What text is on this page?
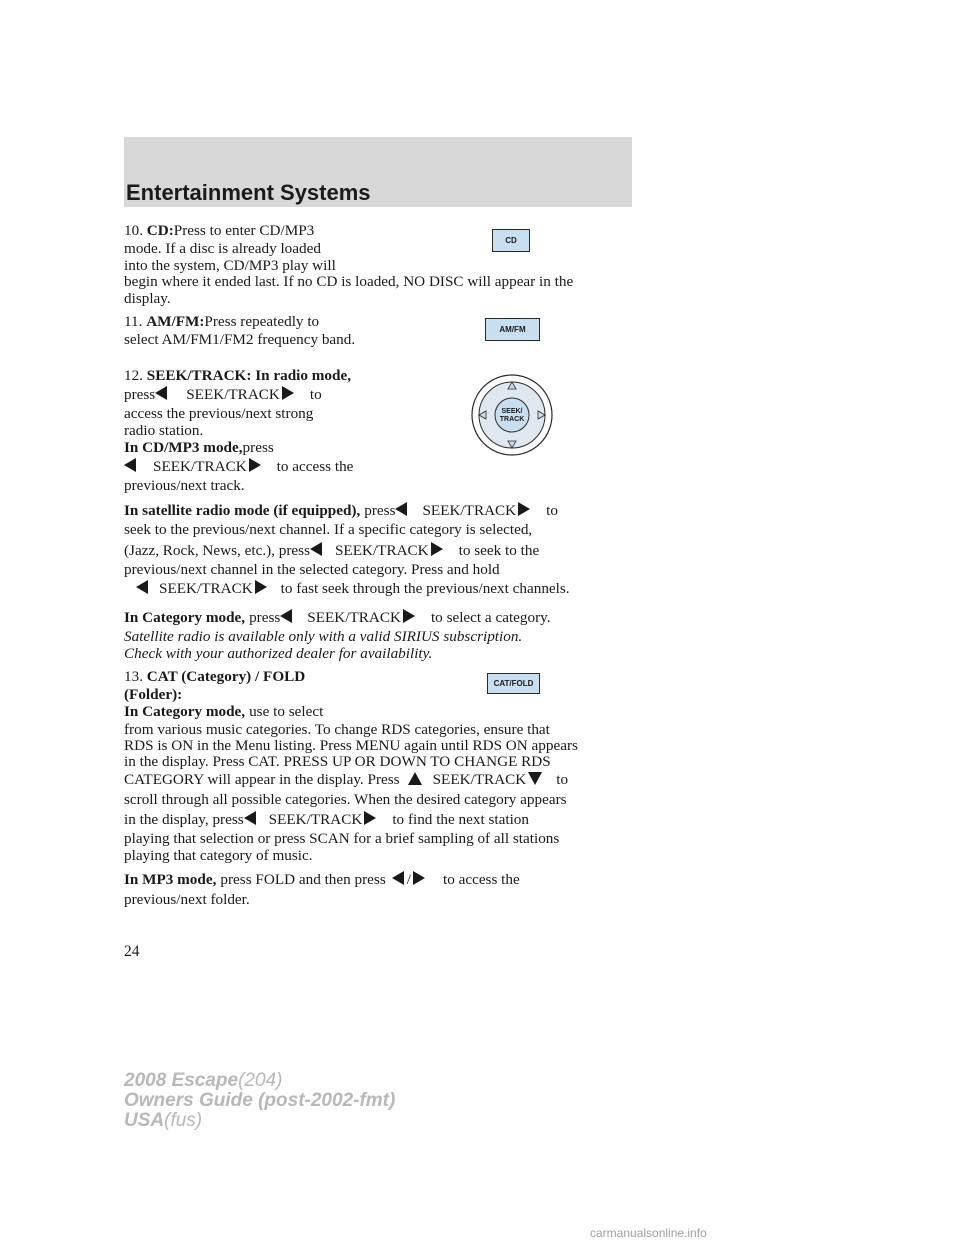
Entertainment Systems
10. CD:Press to enter CD/MP3
mode. If a disc is already loaded
into the system, CD/MP3 play will
begin where it ended last. If no CD is loaded, NO DISC will appear in the
display.
CD
11. AM/FM:Press repeatedly to
select AM/FM1/FM2 frequency band.
AM/FM
12. SEEK/TRACK: In radio mode,
press SEEK/TRACK to
access the previous/next strong
radio station.
In CD/MP3 mode,press
SEEK/TRACK to access the
previous/next track.
SEEK/
TRACK
In satellite radio mode (if equipped), press SEEK/TRACK to
seek to the previous/next channel. If a specific category is selected,
(Jazz, Rock, News, etc.), press SEEK/TRACK to seek to the
previous/next channel in the selected category. Press and hold
SEEK/TRACK to fast seek through the previous/next channels.
In Category mode, press SEEK/TRACK to select a category.
Satellite radio is available only with a valid SIRIUS subscription.
Check with your authorized dealer for availability.
13. CAT (Category) / FOLD
(Folder):
In Category mode, use to select
from various music categories. To change RDS categories, ensure that
RDS is ON in the Menu listing. Press MENU again until RDS ON appears
in the display. Press CAT. PRESS UP OR DOWN TO CHANGE RDS
CATEGORY will appear in the display. Press SEEK/TRACK to
scroll through all possible categories. When the desired category appears
in the display, press SEEK/TRACK to find the next station
playing that selection or press SCAN for a brief sampling of all stations
playing that category of music.
CAT/FOLD
In MP3 mode, press FOLD and then press / to access the
previous/next folder.
24
2008 Escape(204)
Owners Guide (post-2002-fmt)
USA(fus)
carmanualsonline.info
